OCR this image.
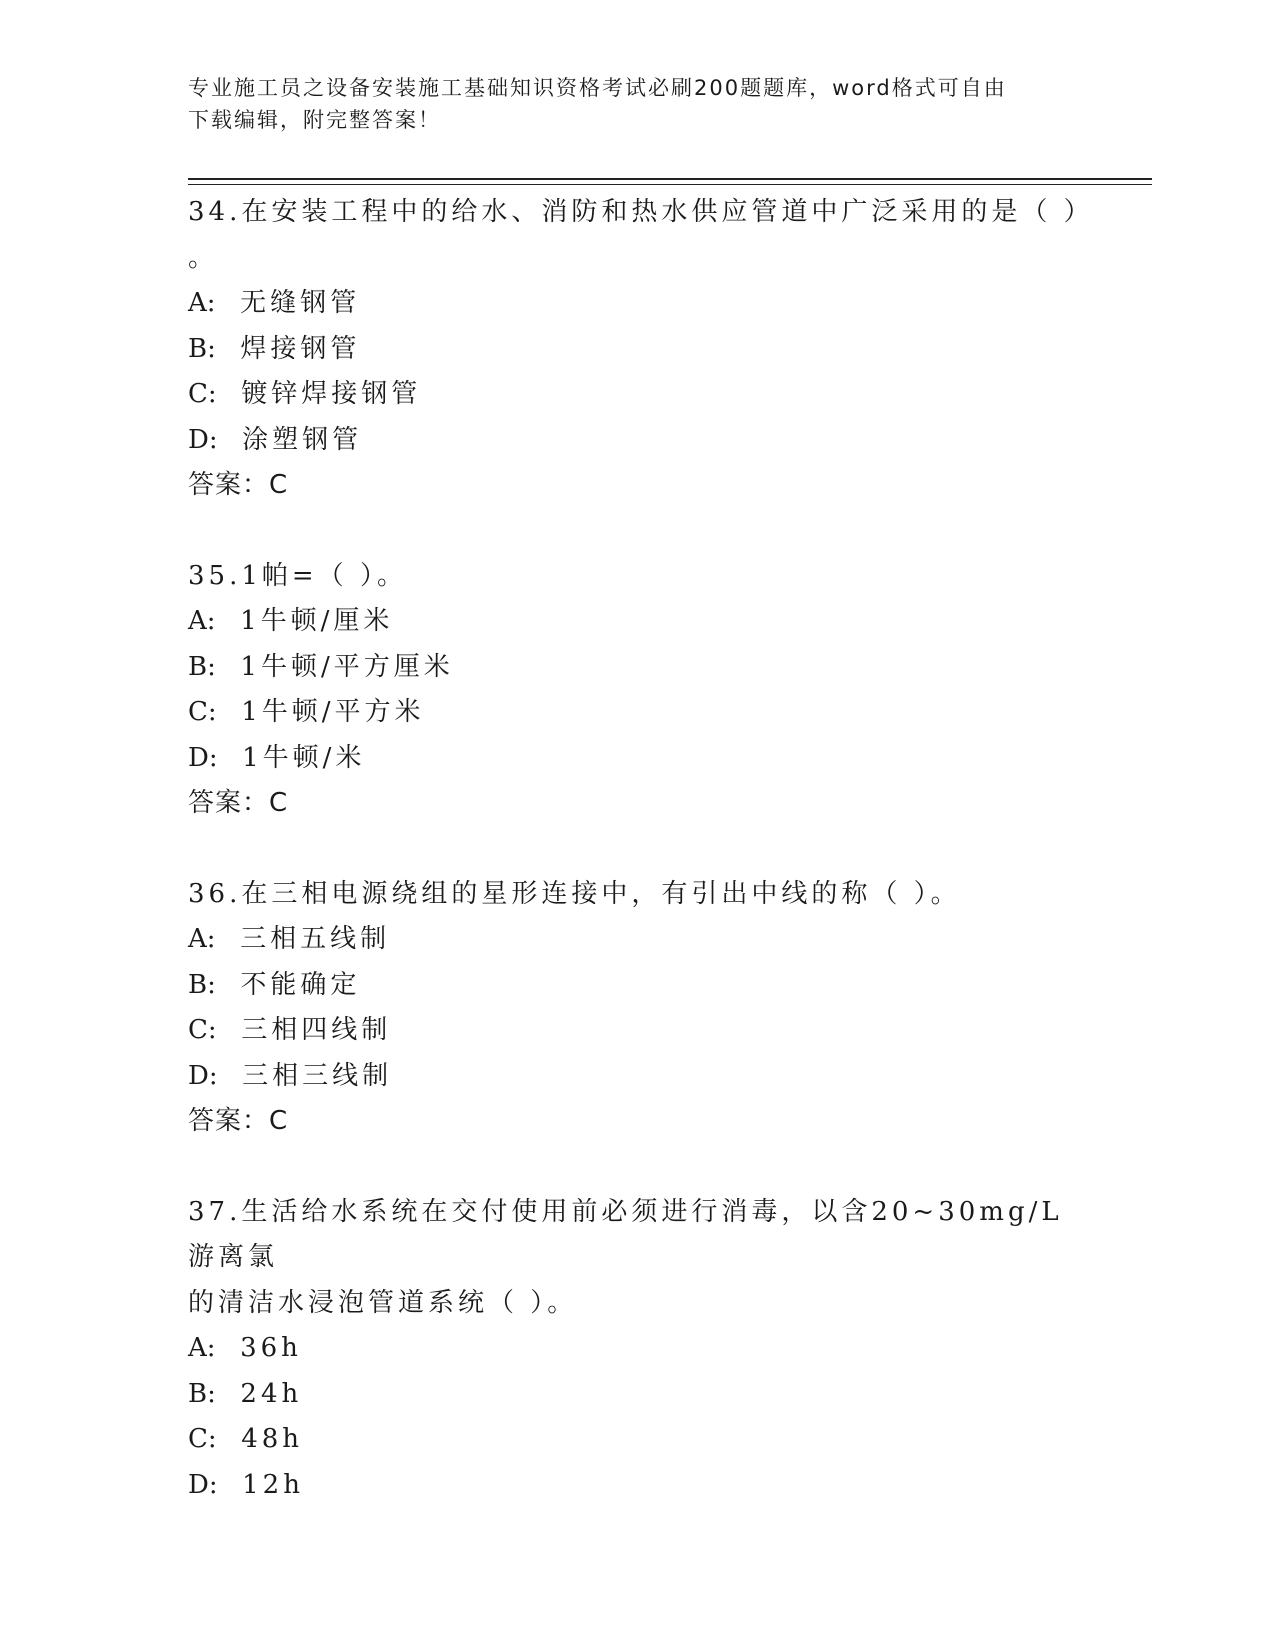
专业施工员之设备安装施工基础知识资格考试必刷200题题库，word格式可自由
下载编辑，附完整答案！
34.在安装工程中的给水、消防和热水供应管道中广泛采用的是（ ）
。
A: 无缝钢管
B: 焊接钢管
C: 镀锌焊接钢管
D: 涂塑钢管
答案：C
35.1帕=（ ）。
A: 1牛顿/厘米
B: 1牛顿/平方厘米
C: 1牛顿/平方米
D: 1牛顿/米
答案：C
36.在三相电源绕组的星形连接中，有引出中线的称（ ）。
A: 三相五线制
B: 不能确定
C: 三相四线制
D: 三相三线制
答案：C
37.生活给水系统在交付使用前必须进行消毒，以含20~30mg/L游离氯
的清洁水浸泡管道系统（ ）。
A: 36h
B: 24h
C: 48h
D: 12h
